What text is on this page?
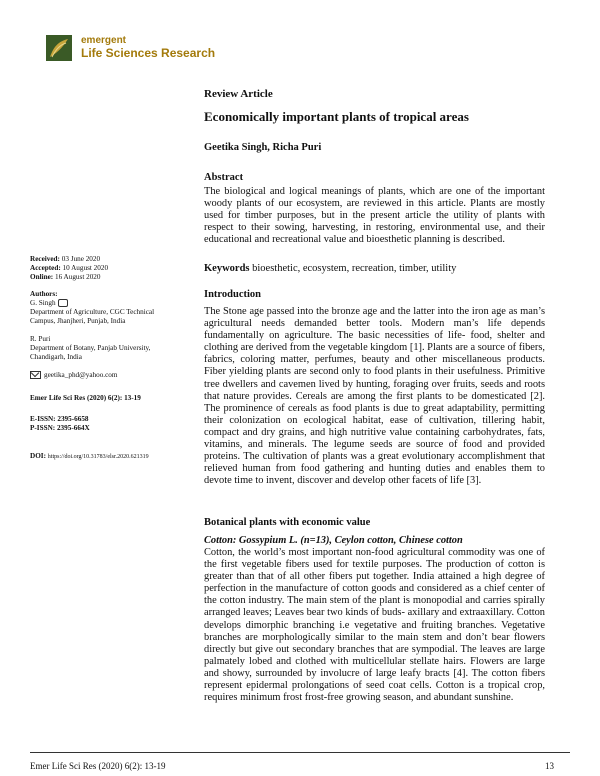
emergent
Life Sciences Research
Review Article
Economically important plants of tropical areas
Geetika Singh, Richa Puri
Abstract

The biological and logical meanings of plants, which are one of the important woody plants of our ecosystem, are reviewed in this article. Plants are mostly used for timber purposes, but in the present article the utility of plants with respect to their sowing, harvesting, in restoring, environmental use, and their educational and recreational value and bioesthetic planning is described.

Keywords bioesthetic, ecosystem, recreation, timber, utility
Introduction

The Stone age passed into the bronze age and the latter into the iron age as man’s agricultural needs demanded better tools. Modern man’s life depends fundamentally on agriculture. The basic necessities of life- food, shelter and clothing are derived from the vegetable kingdom [1]. Plants are a source of fibers, fabrics, coloring matter, perfumes, beauty and other miscellaneous products. Fiber yielding plants are second only to food plants in their usefulness. Primitive tree dwellers and cavemen lived by hunting, foraging over fruits, seeds and roots that nature provides. Cereals are among the first plants to be domesticated [2]. The prominence of cereals as food plants is due to great adaptability, permitting their colonization on ecological habitat, ease of cultivation, tillering habit, compact and dry grains, and high nutritive value containing carbohydrates, fats, vitamins, and minerals. The legume seeds are source of food and provided proteins. The cultivation of plants was a great evolutionary accomplishment that relieved human from food gathering and hunting duties and enables them to devote time to invent, discover and develop other facets of life [3].

Botanical plants with economic value
Cotton: Gossypium L. (n=13), Ceylon cotton, Chinese cotton

Cotton, the world’s most important non-food agricultural commodity was one of the first vegetable fibers used for textile purposes. The production of cotton is greater than that of all other fibers put together. India attained a high degree of perfection in the manufacture of cotton goods and considered as a chief center of the cotton industry. The main stem of the plant is monopodial and carries spirally arranged leaves; Leaves bear two kinds of buds- axillary and extraaxillary. Cotton develops dimorphic branching i.e vegetative and fruiting branches. Vegetative branches are morphologically similar to the main stem and don’t bear flowers directly but give out secondary branches that are sympodial. The leaves are large palmately lobed and clothed with multicellular stellate hairs. Flowers are large and showy, surrounded by involucre of large leafy bracts [4]. The cotton fibers represent epidermal prolongations of seed coat cells. Cotton is a tropical crop, requires minimum frost frost-free growing season, and abundant sunshine.

Received: 03 June 2020
Accepted: 10 August 2020
Online: 16 August 2020
Authors:
G. Singh
Department of Agriculture, CGC Technical Campus, Jhanjheri, Punjab, India
R. Puri
Department of Botany, Panjab University, Chandigarh, India
geetika_phd@yahoo.com
Emer Life Sci Res (2020) 6(2): 13-19
E-ISSN: 2395-6658
P-ISSN: 2395-664X
DOI: https://doi.org/10.31783/elsr.2020.621319
Emer Life Sci Res (2020) 6(2): 13-19	13
